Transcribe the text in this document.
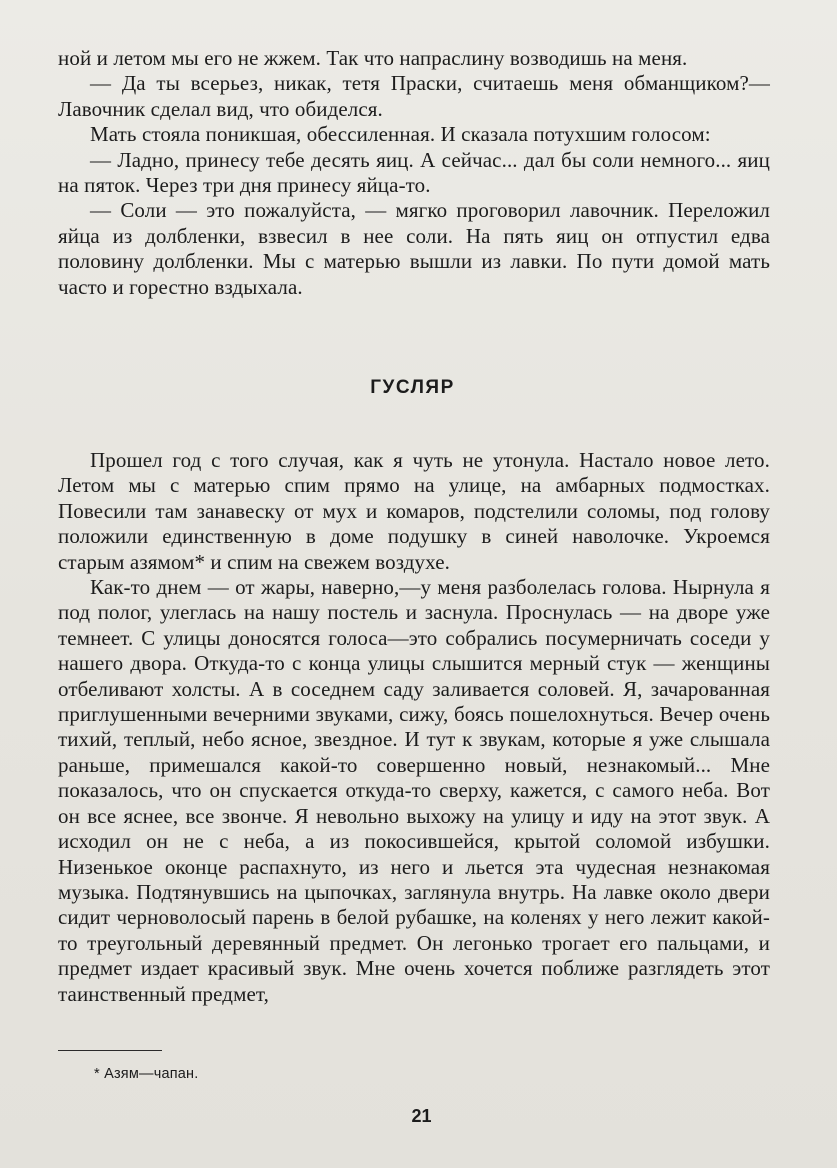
ной и летом мы его не жжем. Так что напраслину возводишь на меня.

— Да ты всерьез, никак, тетя Праски, считаешь меня обманщиком?—Лавочник сделал вид, что обиделся.

Мать стояла поникшая, обессиленная. И сказала потухшим голосом:

— Ладно, принесу тебе десять яиц. А сейчас... дал бы соли немного... яиц на пяток. Через три дня принесу яйца-то.

— Соли — это пожалуйста, — мягко проговорил лавочник. Переложил яйца из долбленки, взвесил в нее соли. На пять яиц он отпустил едва половину долбленки. Мы с матерью вышли из лавки. По пути домой мать часто и горестно вздыхала.

ГУСЛЯР

Прошел год с того случая, как я чуть не утонула. Настало новое лето. Летом мы с матерью спим прямо на улице, на амбарных подмостках. Повесили там занавеску от мух и комаров, подстелили соломы, под голову положили единственную в доме подушку в синей наволочке. Укроемся старым азямом* и спим на свежем воздухе.

Как-то днем — от жары, наверно,—у меня разболелась голова. Нырнула я под полог, улеглась на нашу постель и заснула. Проснулась — на дворе уже темнеет. С улицы доносятся голоса—это собрались посумерничать соседи у нашего двора. Откуда-то с конца улицы слышится мерный стук — женщины отбеливают холсты. А в соседнем саду заливается соловей. Я, зачарованная приглушенными вечерними звуками, сижу, боясь пошелохнуться. Вечер очень тихий, теплый, небо ясное, звездное. И тут к звукам, которые я уже слышала раньше, примешался какой-то совершенно новый, незнакомый... Мне показалось, что он спускается откуда-то сверху, кажется, с самого неба. Вот он все яснее, все звонче. Я невольно выхожу на улицу и иду на этот звук. А исходил он не с неба, а из покосившейся, крытой соломой избушки. Низенькое оконце распахнуто, из него и льется эта чудесная незнакомая музыка. Подтянувшись на цыпочках, заглянула внутрь. На лавке около двери сидит черноволосый парень в белой рубашке, на коленях у него лежит какой-то треугольный деревянный предмет. Он легонько трогает его пальцами, и предмет издает красивый звук. Мне очень хочется поближе разглядеть этот таинственный предмет,

* Азям—чапан.
21
